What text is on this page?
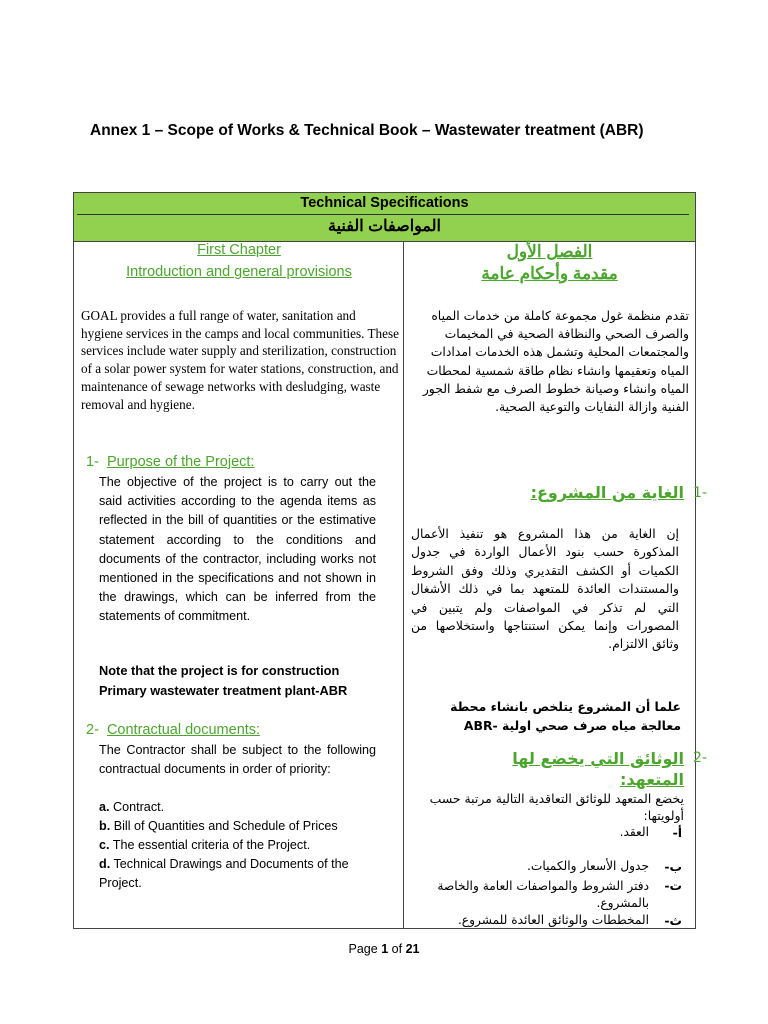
Annex 1 – Scope of Works & Technical Book – Wastewater treatment (ABR)
Technical Specifications
المواصفات الفنية
First Chapter
Introduction and general provisions
الفصل الأول
مقدمة وأحكام عامة
GOAL provides a full range of water, sanitation and hygiene services in the camps and local communities. These services include water supply and sterilization, construction of a solar power system for water stations, construction, and maintenance of sewage networks with desludging, waste removal and hygiene.
تقدم منظمة غول مجموعة كاملة من خدمات المياه والصرف الصحي والنظافة الصحية في المخيمات والمجتمعات المحلية وتشمل هذه الخدمات امدادات المياه وتعقيمها وانشاء نظام طاقة شمسية لمحطات المياه وانشاء وصيانة خطوط الصرف مع شفط الجور الفنية وازالة النفايات والتوعية الصحية.
1- Purpose of the Project:
The objective of the project is to carry out the said activities according to the agenda items as reflected in the bill of quantities or the estimative statement according to the conditions and documents of the contractor, including works not mentioned in the specifications and not shown in the drawings, which can be inferred from the statements of commitment.
Note that the project is for construction Primary wastewater treatment plant-ABR
الغاية من المشروع: -1
إن الغاية من هذا المشروع هو تنفيذ الأعمال المذكورة حسب بنود الأعمال الواردة في جدول الكميات أو الكشف التقديري وذلك وفق الشروط والمستندات العائدة للمتعهد بما في ذلك الأشغال التي لم تذكر في المواصفات ولم يتبين في المصورات وإنما يمكن استنتاجها واستخلاصها من وثائق الالتزام.
علما أن المشروع يتلخص بانشاء محطة معالجة مياه صرف صحي اولية -ABR
2- Contractual documents:
The Contractor shall be subject to the following contractual documents in order of priority:
a. Contract.
b. Bill of Quantities and Schedule of Prices
c. The essential criteria of the Project.
d. Technical Drawings and Documents of the
Project.
الوثائق التي يخضع لها المتعهد:
-2
يخضع المتعهد للوثائق التعاقدية التالية مرتبة حسب أولويتها:
أ-
العقد.
ب-
جدول الأسعار والكميات.
ت-
دفتر الشروط والمواصفات العامة والخاصة بالمشروع.
ث-
المخططات والوثائق العائدة للمشروع.
Page 1 of 21
